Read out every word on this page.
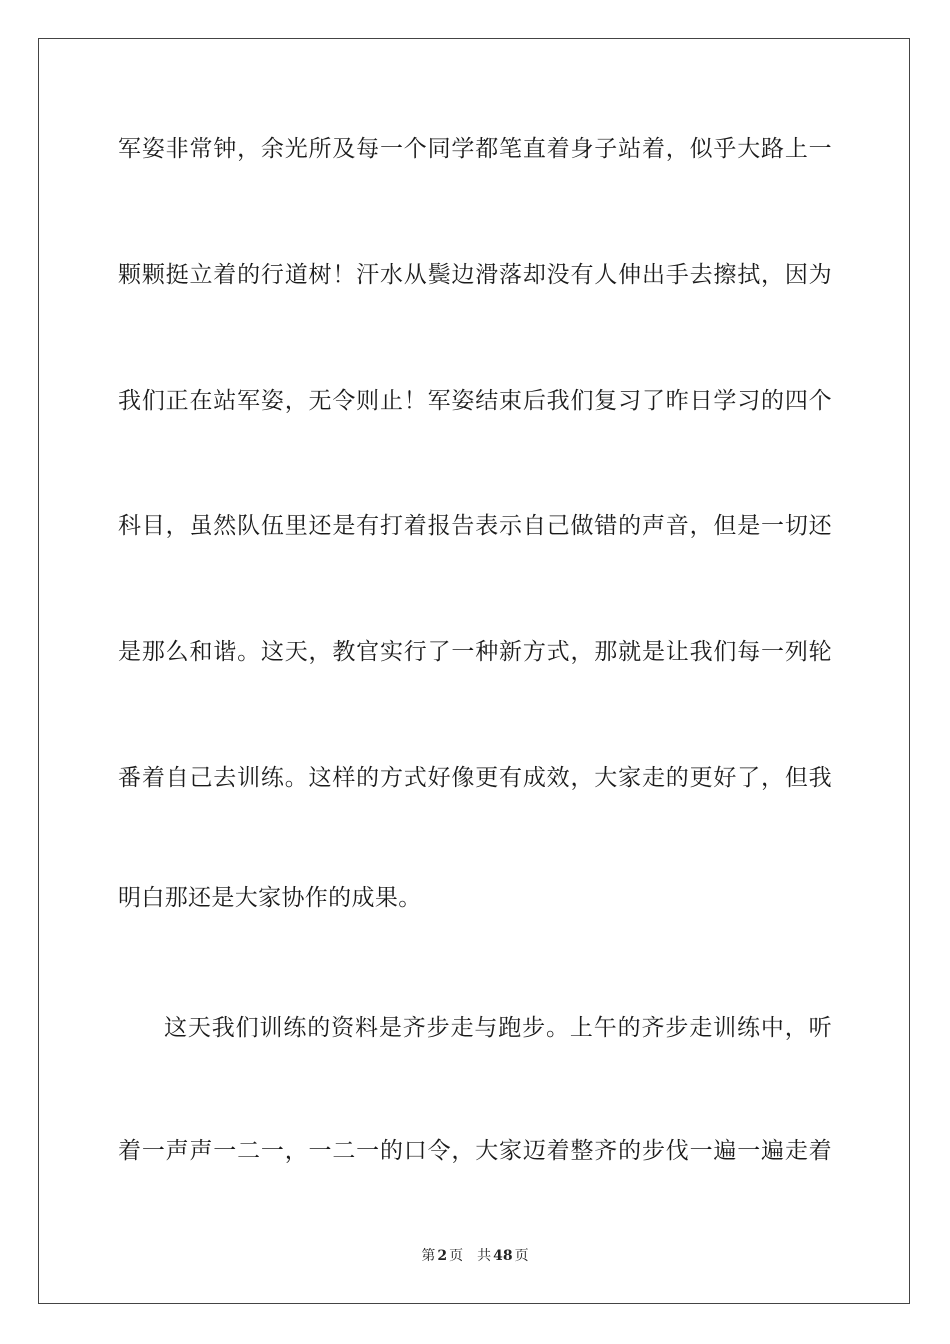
军姿非常钟，余光所及每一个同学都笔直着身子站着，似乎大路上一
颗颗挺立着的行道树！汗水从鬓边滑落却没有人伸出手去擦拭，因为
我们正在站军姿，无令则止！军姿结束后我们复习了昨日学习的四个
科目，虽然队伍里还是有打着报告表示自己做错的声音，但是一切还
是那么和谐。这天，教官实行了一种新方式，那就是让我们每一列轮
番着自己去训练。这样的方式好像更有成效，大家走的更好了，但我
明白那还是大家协作的成果。
这天我们训练的资料是齐步走与跑步。上午的齐步走训练中，听
着一声声一二一，一二一的口令，大家迈着整齐的步伐一遍一遍走着
第 2 页 共 48 页
